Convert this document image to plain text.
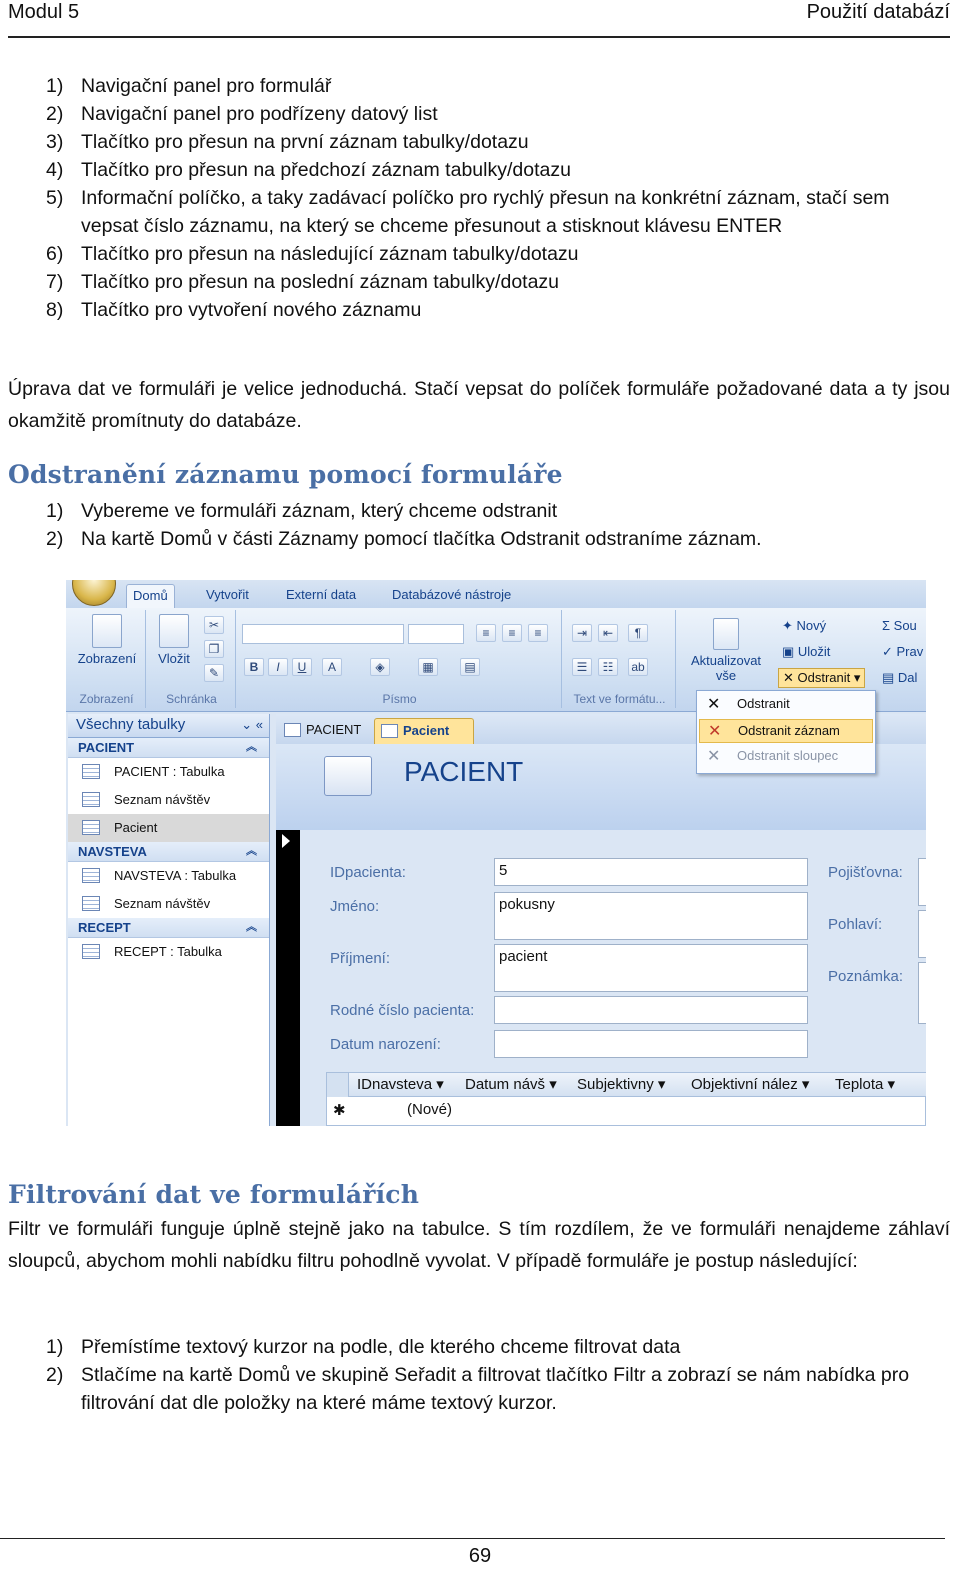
Modul 5	Použití databází
1) Navigační panel pro formulář
2) Navigační panel pro podřízeny datový list
3) Tlačítko pro přesun na první záznam tabulky/dotazu
4) Tlačítko pro přesun na předchozí záznam tabulky/dotazu
5) Informační políčko, a taky zadávací políčko pro rychlý přesun na konkrétní záznam, stačí sem vepsat číslo záznamu, na který se chceme přesunout a stisknout klávesu ENTER
6) Tlačítko pro přesun na následující záznam tabulky/dotazu
7) Tlačítko pro přesun na poslední záznam tabulky/dotazu
8) Tlačítko pro vytvoření nového záznamu

Úprava dat ve formuláři je velice jednoduchá. Stačí vepsat do políček formuláře požadované data a ty jsou okamžitě promítnuty do databáze.

Odstranění záznamu pomocí formuláře
1) Vybereme ve formuláři záznam, který chceme odstranit
2) Na kartě Domů v části Záznamy pomocí tlačítka Odstranit odstraníme záznam.
Domů	Vytvořit	Externí data	Databázové nástroje

Zobrazení
Zobrazení

Vložit
✂
❐
✎
Schránka
≡	≡	≡
B	I	U	A	◈	▦	▤
Písmo
⇥	⇤	¶
☰	☷	ab
Text ve formátu...

Aktualizovat
vše
✦ Nový
▣ Uložit
✕ Odstranit ▾
Σ Sou
✓ Prav
▤ Dal
Všechny tabulky	⌄ «
PACIENT	︽
PACIENT : Tabulka
Seznam návštěv
Pacient
NAVSTEVA	︽
NAVSTEVA : Tabulka
Seznam návštěv
RECEPT	︽
RECEPT : Tabulka
PACIENT	Pacient
PACIENT
IDpacienta:	5
Jméno:	pokusny
Příjmení:	pacient
Rodné číslo pacienta:
Datum narození:
Pojišťovna:
Pohlaví:
Poznámka:
IDnavsteva ▾ Datum návš ▾ Subjektivny ▾ Objektivní nález ▾ Teplota ▾
✱	(Nové)
✕ Odstranit
✕ Odstranit záznam
✕ Odstranit sloupec
Filtrování dat ve formulářích

Filtr ve formuláři funguje úplně stejně jako na tabulce. S tím rozdílem, že ve formuláři nenajdeme záhlaví sloupců, abychom mohli nabídku filtru pohodlně vyvolat. V případě formuláře je postup následující:

1) Přemístíme textový kurzor na podle, dle kterého chceme filtrovat data
2) Stlačíme na kartě Domů ve skupině Seřadit a filtrovat tlačítko Filtr a zobrazí se nám nabídka pro filtrování dat dle položky na které máme textový kurzor.
69
